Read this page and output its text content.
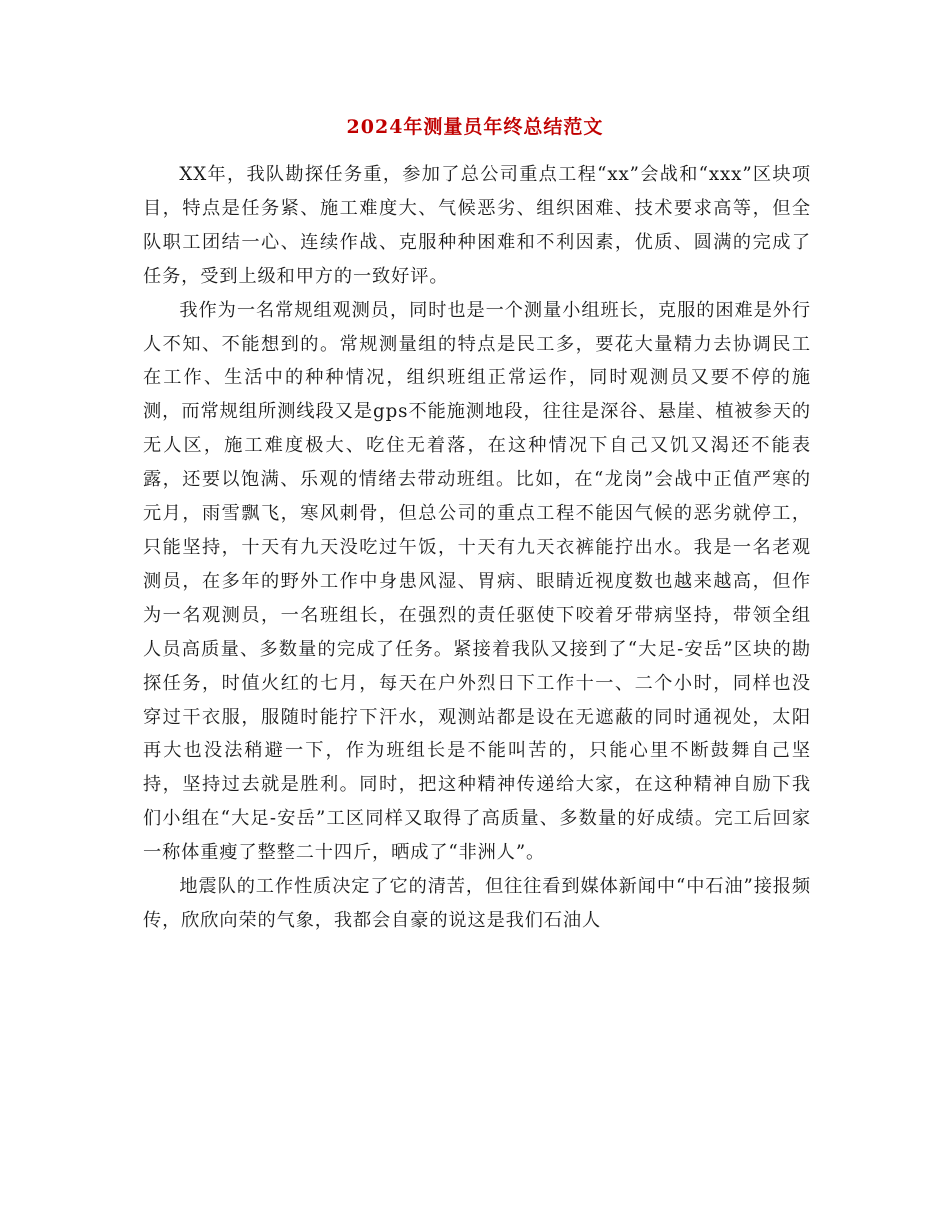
2024年测量员年终总结范文

XX年，我队勘探任务重，参加了总公司重点工程“xx”会战和“xxx”区块项目，特点是任务紧、施工难度大、气候恶劣、组织困难、技术要求高等，但全队职工团结一心、连续作战、克服种种困难和不利因素，优质、圆满的完成了任务，受到上级和甲方的一致好评。

我作为一名常规组观测员，同时也是一个测量小组班长，克服的困难是外行人不知、不能想到的。常规测量组的特点是民工多，要花大量精力去协调民工在工作、生活中的种种情况，组织班组正常运作，同时观测员又要不停的施测，而常规组所测线段又是gps不能施测地段，往往是深谷、悬崖、植被参天的无人区，施工难度极大、吃住无着落，在这种情况下自己又饥又渴还不能表露，还要以饱满、乐观的情绪去带动班组。比如，在“龙岗”会战中正值严寒的元月，雨雪飘飞，寒风刺骨，但总公司的重点工程不能因气候的恶劣就停工，只能坚持，十天有九天没吃过午饭，十天有九天衣裤能拧出水。我是一名老观测员，在多年的野外工作中身患风湿、胃病、眼睛近视度数也越来越高，但作为一名观测员，一名班组长，在强烈的责任驱使下咬着牙带病坚持，带领全组人员高质量、多数量的完成了任务。紧接着我队又接到了“大足-安岳”区块的勘探任务，时值火红的七月，每天在户外烈日下工作十一、二个小时，同样也没穿过干衣服，服随时能拧下汗水，观测站都是设在无遮蔽的同时通视处，太阳再大也没法稍避一下，作为班组长是不能叫苦的，只能心里不断鼓舞自己坚持，坚持过去就是胜利。同时，把这种精神传递给大家，在这种精神自励下我们小组在“大足-安岳”工区同样又取得了高质量、多数量的好成绩。完工后回家一称体重瘦了整整二十四斤，晒成了“非洲人”。

地震队的工作性质决定了它的清苦，但往往看到媒体新闻中“中石油”接报频传，欣欣向荣的气象，我都会自豪的说这是我们石油人
